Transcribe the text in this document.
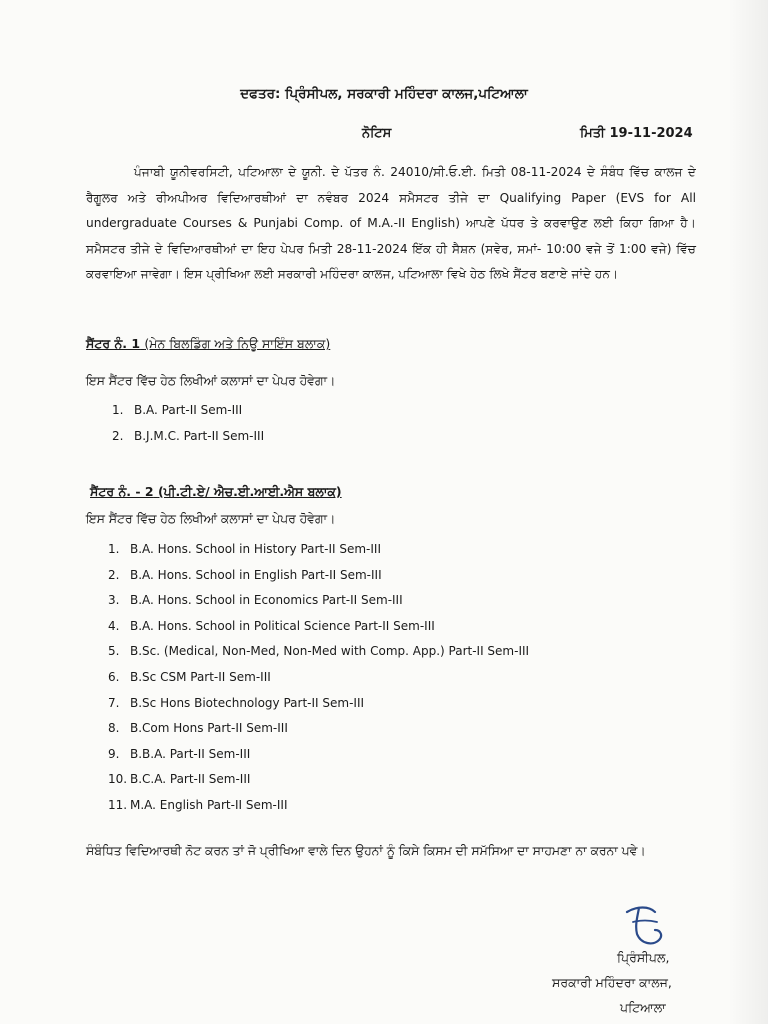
ਦਫਤਰ: ਪ੍ਰਿੰਸੀਪਲ, ਸਰਕਾਰੀ ਮਹਿੰਦਰਾ ਕਾਲਜ,ਪਟਿਆਲਾ
ਨੋਟਿਸ	ਮਿਤੀ 19-11-2024

ਪੰਜਾਬੀ ਯੂਨੀਵਰਸਿਟੀ, ਪਟਿਆਲਾ ਦੇ ਯੂਨੀ. ਦੇ ਪੱਤਰ ਨੰ. 24010/ਸੀ.ਓ.ਈ. ਮਿਤੀ 08-11-2024 ਦੇ ਸੰਬੰਧ ਵਿੱਚ ਕਾਲਜ ਦੇ ਰੈਗੂਲਰ ਅਤੇ ਰੀਅਪੀਅਰ ਵਿਦਿਆਰਥੀਆਂ ਦਾ ਨਵੰਬਰ 2024 ਸਮੈਸਟਰ ਤੀਜੇ ਦਾ Qualifying Paper (EVS for All undergraduate Courses & Punjabi Comp. of M.A.-II English) ਆਪਣੇ ਪੱਧਰ ਤੇ ਕਰਵਾਉਣ ਲਈ ਕਿਹਾ ਗਿਆ ਹੈ। ਸਮੈਸਟਰ ਤੀਜੇ ਦੇ ਵਿਦਿਆਰਥੀਆਂ ਦਾ ਇਹ ਪੇਪਰ ਮਿਤੀ 28-11-2024 ਇੱਕ ਹੀ ਸੈਸ਼ਨ (ਸਵੇਰ, ਸਮਾਂ- 10:00 ਵਜੇ ਤੋਂ 1:00 ਵਜੇ) ਵਿੱਚ ਕਰਵਾਇਆ ਜਾਵੇਗਾ। ਇਸ ਪ੍ਰੀਖਿਆ ਲਈ ਸਰਕਾਰੀ ਮਹਿੰਦਰਾ ਕਾਲਜ, ਪਟਿਆਲਾ ਵਿਖੇ ਹੇਠ ਲਿਖੇ ਸੈਂਟਰ ਬਣਾਏ ਜਾਂਦੇ ਹਨ।

ਸੈਂਟਰ ਨੰ. 1 (ਮੇਨ ਬਿਲਡਿੰਗ ਅਤੇ ਨਿਊ ਸਾਇੰਸ ਬਲਾਕ)
ਇਸ ਸੈਂਟਰ ਵਿੱਚ ਹੇਠ ਲਿਖੀਆਂ ਕਲਾਸਾਂ ਦਾ ਪੇਪਰ ਹੋਵੇਗਾ।
1. B.A. Part-II Sem-III
2. B.J.M.C. Part-II Sem-III
ਸੈਂਟਰ ਨੰ. - 2 (ਪੀ.ਟੀ.ਏ/ ਐਚ.ਈ.ਆਈ.ਐਸ ਬਲਾਕ)
ਇਸ ਸੈਂਟਰ ਵਿੱਚ ਹੇਠ ਲਿਖੀਆਂ ਕਲਾਸਾਂ ਦਾ ਪੇਪਰ ਹੋਵੇਗਾ।
1. B.A. Hons. School in History Part-II Sem-III
2. B.A. Hons. School in English Part-II Sem-III
3. B.A. Hons. School in Economics Part-II Sem-III
4. B.A. Hons. School in Political Science Part-II Sem-III
5. B.Sc. (Medical, Non-Med, Non-Med with Comp. App.) Part-II Sem-III
6. B.Sc CSM Part-II Sem-III
7. B.Sc Hons Biotechnology Part-II Sem-III
8. B.Com Hons Part-II Sem-III
9. B.B.A. Part-II Sem-III
10. B.C.A. Part-II Sem-III
11. M.A. English Part-II Sem-III

ਸੰਬੰਧਿਤ ਵਿਦਿਆਰਥੀ ਨੋਟ ਕਰਨ ਤਾਂ ਜੋ ਪ੍ਰੀਖਿਆ ਵਾਲੇ ਦਿਨ ਉਹਨਾਂ ਨੂੰ ਕਿਸੇ ਕਿਸਮ ਦੀ ਸਮੱਸਿਆ ਦਾ ਸਾਹਮਣਾ ਨਾ ਕਰਨਾ ਪਵੇ।

ਪ੍ਰਿੰਸੀਪਲ,
ਸਰਕਾਰੀ ਮਹਿੰਦਰਾ ਕਾਲਜ,
ਪਟਿਆਲਾ
